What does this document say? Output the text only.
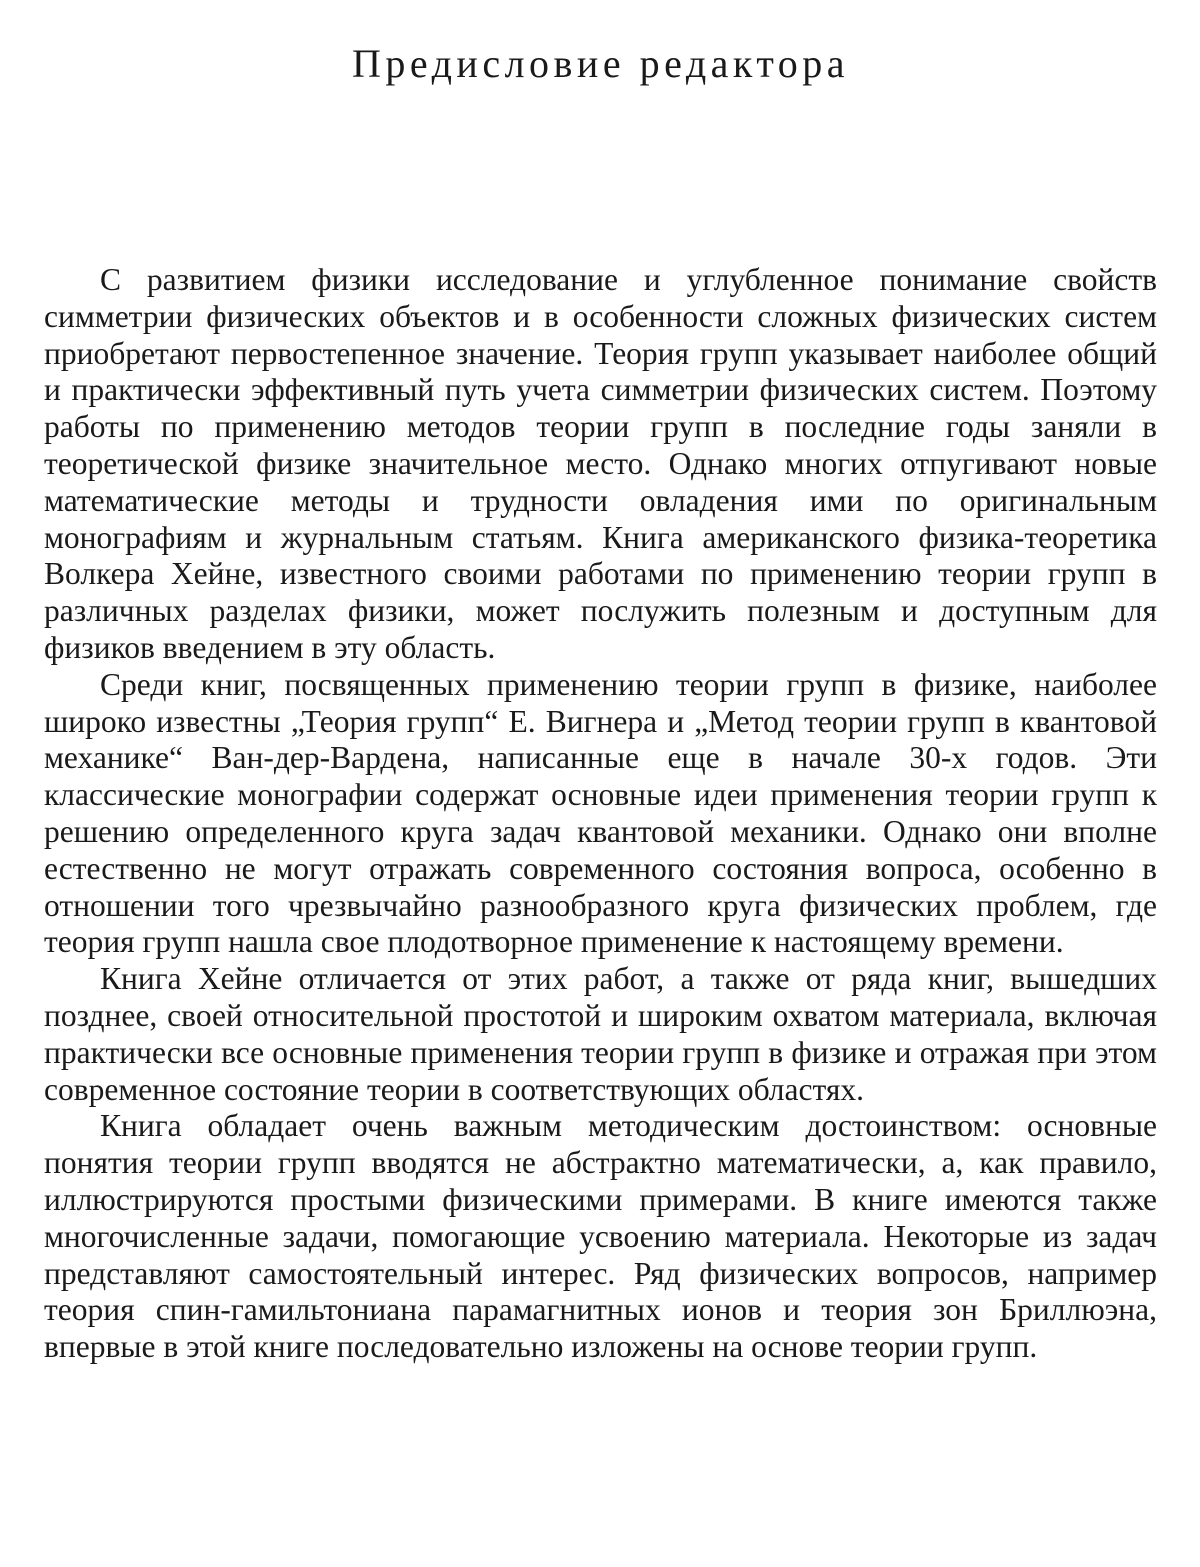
Предисловие редактора

С развитием физики исследование и углубленное понимание свойств симметрии физических объектов и в особенности сложных физических систем приобретают первостепенное значение. Теория групп указывает наиболее общий и практически эффективный путь учета симметрии физических систем. Поэтому работы по применению методов теории групп в последние годы заняли в теоретической физике значительное место. Однако многих отпугивают новые математические методы и трудности овладения ими по оригинальным монографиям и журнальным статьям. Книга американского физика-теоретика Волкера Хейне, известного своими работами по применению теории групп в различных разделах физики, может послужить полезным и доступным для физиков введением в эту область.

Среди книг, посвященных применению теории групп в физике, наиболее широко известны „Теория групп“ Е. Вигнера и „Метод теории групп в квантовой механике“ Ван-дер-Вардена, написанные еще в начале 30-х годов. Эти классические монографии содержат основные идеи применения теории групп к решению определенного круга задач квантовой механики. Однако они вполне естественно не могут отражать современного состояния вопроса, особенно в отношении того чрезвычайно разнообразного круга физических проблем, где теория групп нашла свое плодотворное применение к настоящему времени.

Книга Хейне отличается от этих работ, а также от ряда книг, вышедших позднее, своей относительной простотой и широким охватом материала, включая практически все основные применения теории групп в физике и отражая при этом современное состояние теории в соответствующих областях.

Книга обладает очень важным методическим достоинством: основные понятия теории групп вводятся не абстрактно математически, а, как правило, иллюстрируются простыми физическими примерами. В книге имеются также многочисленные задачи, помогающие усвоению материала. Некоторые из задач представляют самостоятельный интерес. Ряд физических вопросов, например теория спин-гамильтониана парамагнитных ионов и теория зон Бриллюэна, впервые в этой книге последовательно изложены на основе теории групп.
